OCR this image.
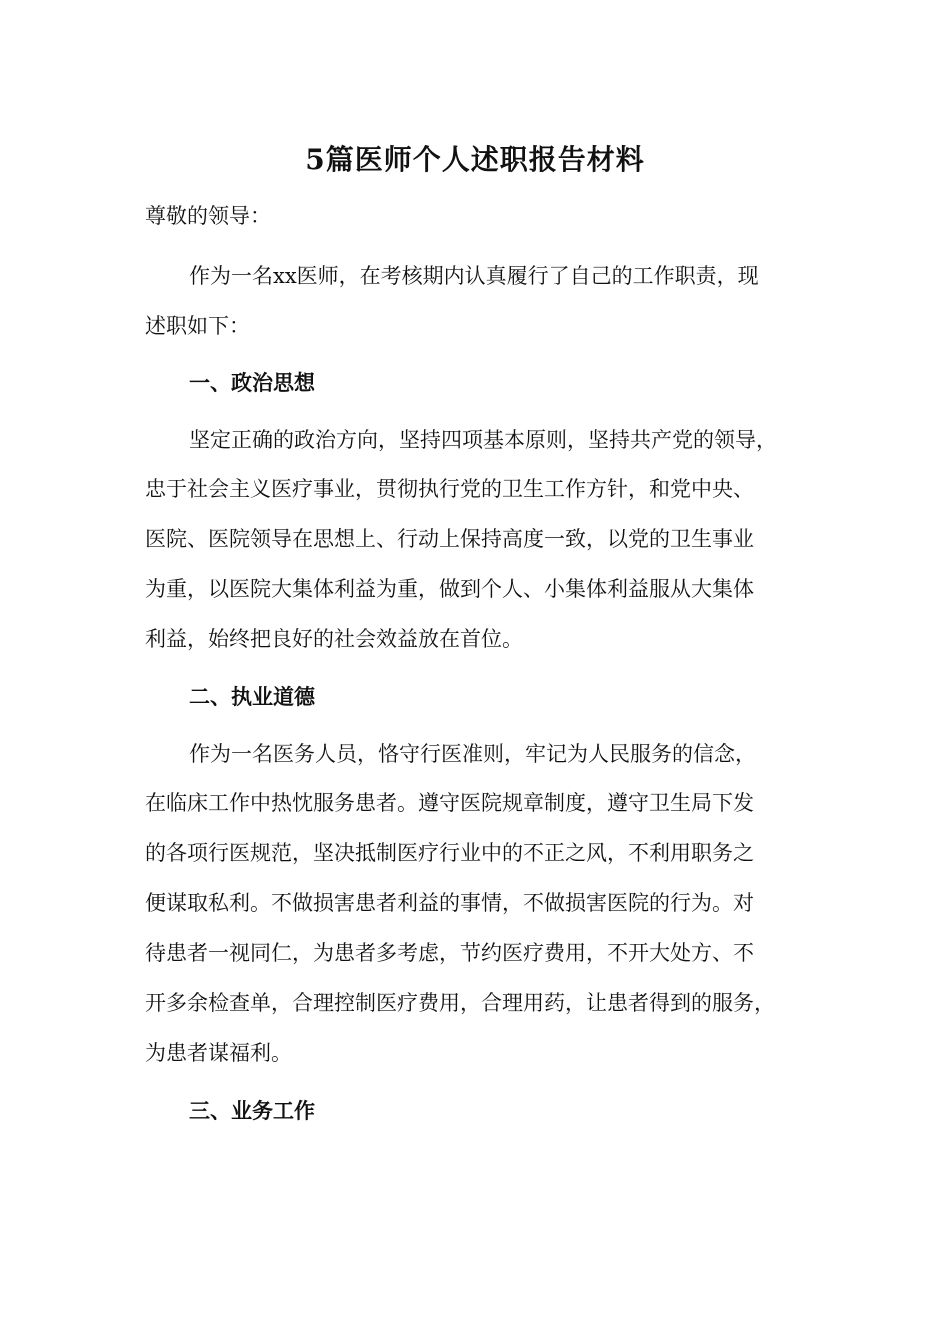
5篇医师个人述职报告材料
尊敬的领导：
作为一名xx医师，在考核期内认真履行了自己的工作职责，现
述职如下：
一、政治思想
坚定正确的政治方向，坚持四项基本原则，坚持共产党的领导，
忠于社会主义医疗事业，贯彻执行党的卫生工作方针，和党中央、
医院、医院领导在思想上、行动上保持高度一致，以党的卫生事业
为重，以医院大集体利益为重，做到个人、小集体利益服从大集体
利益，始终把良好的社会效益放在首位。
二、执业道德
作为一名医务人员，恪守行医准则，牢记为人民服务的信念，
在临床工作中热忱服务患者。遵守医院规章制度，遵守卫生局下发
的各项行医规范，坚决抵制医疗行业中的不正之风，不利用职务之
便谋取私利。不做损害患者利益的事情，不做损害医院的行为。对
待患者一视同仁，为患者多考虑，节约医疗费用，不开大处方、不
开多余检查单，合理控制医疗费用，合理用药，让患者得到的服务，
为患者谋福利。
三、业务工作
